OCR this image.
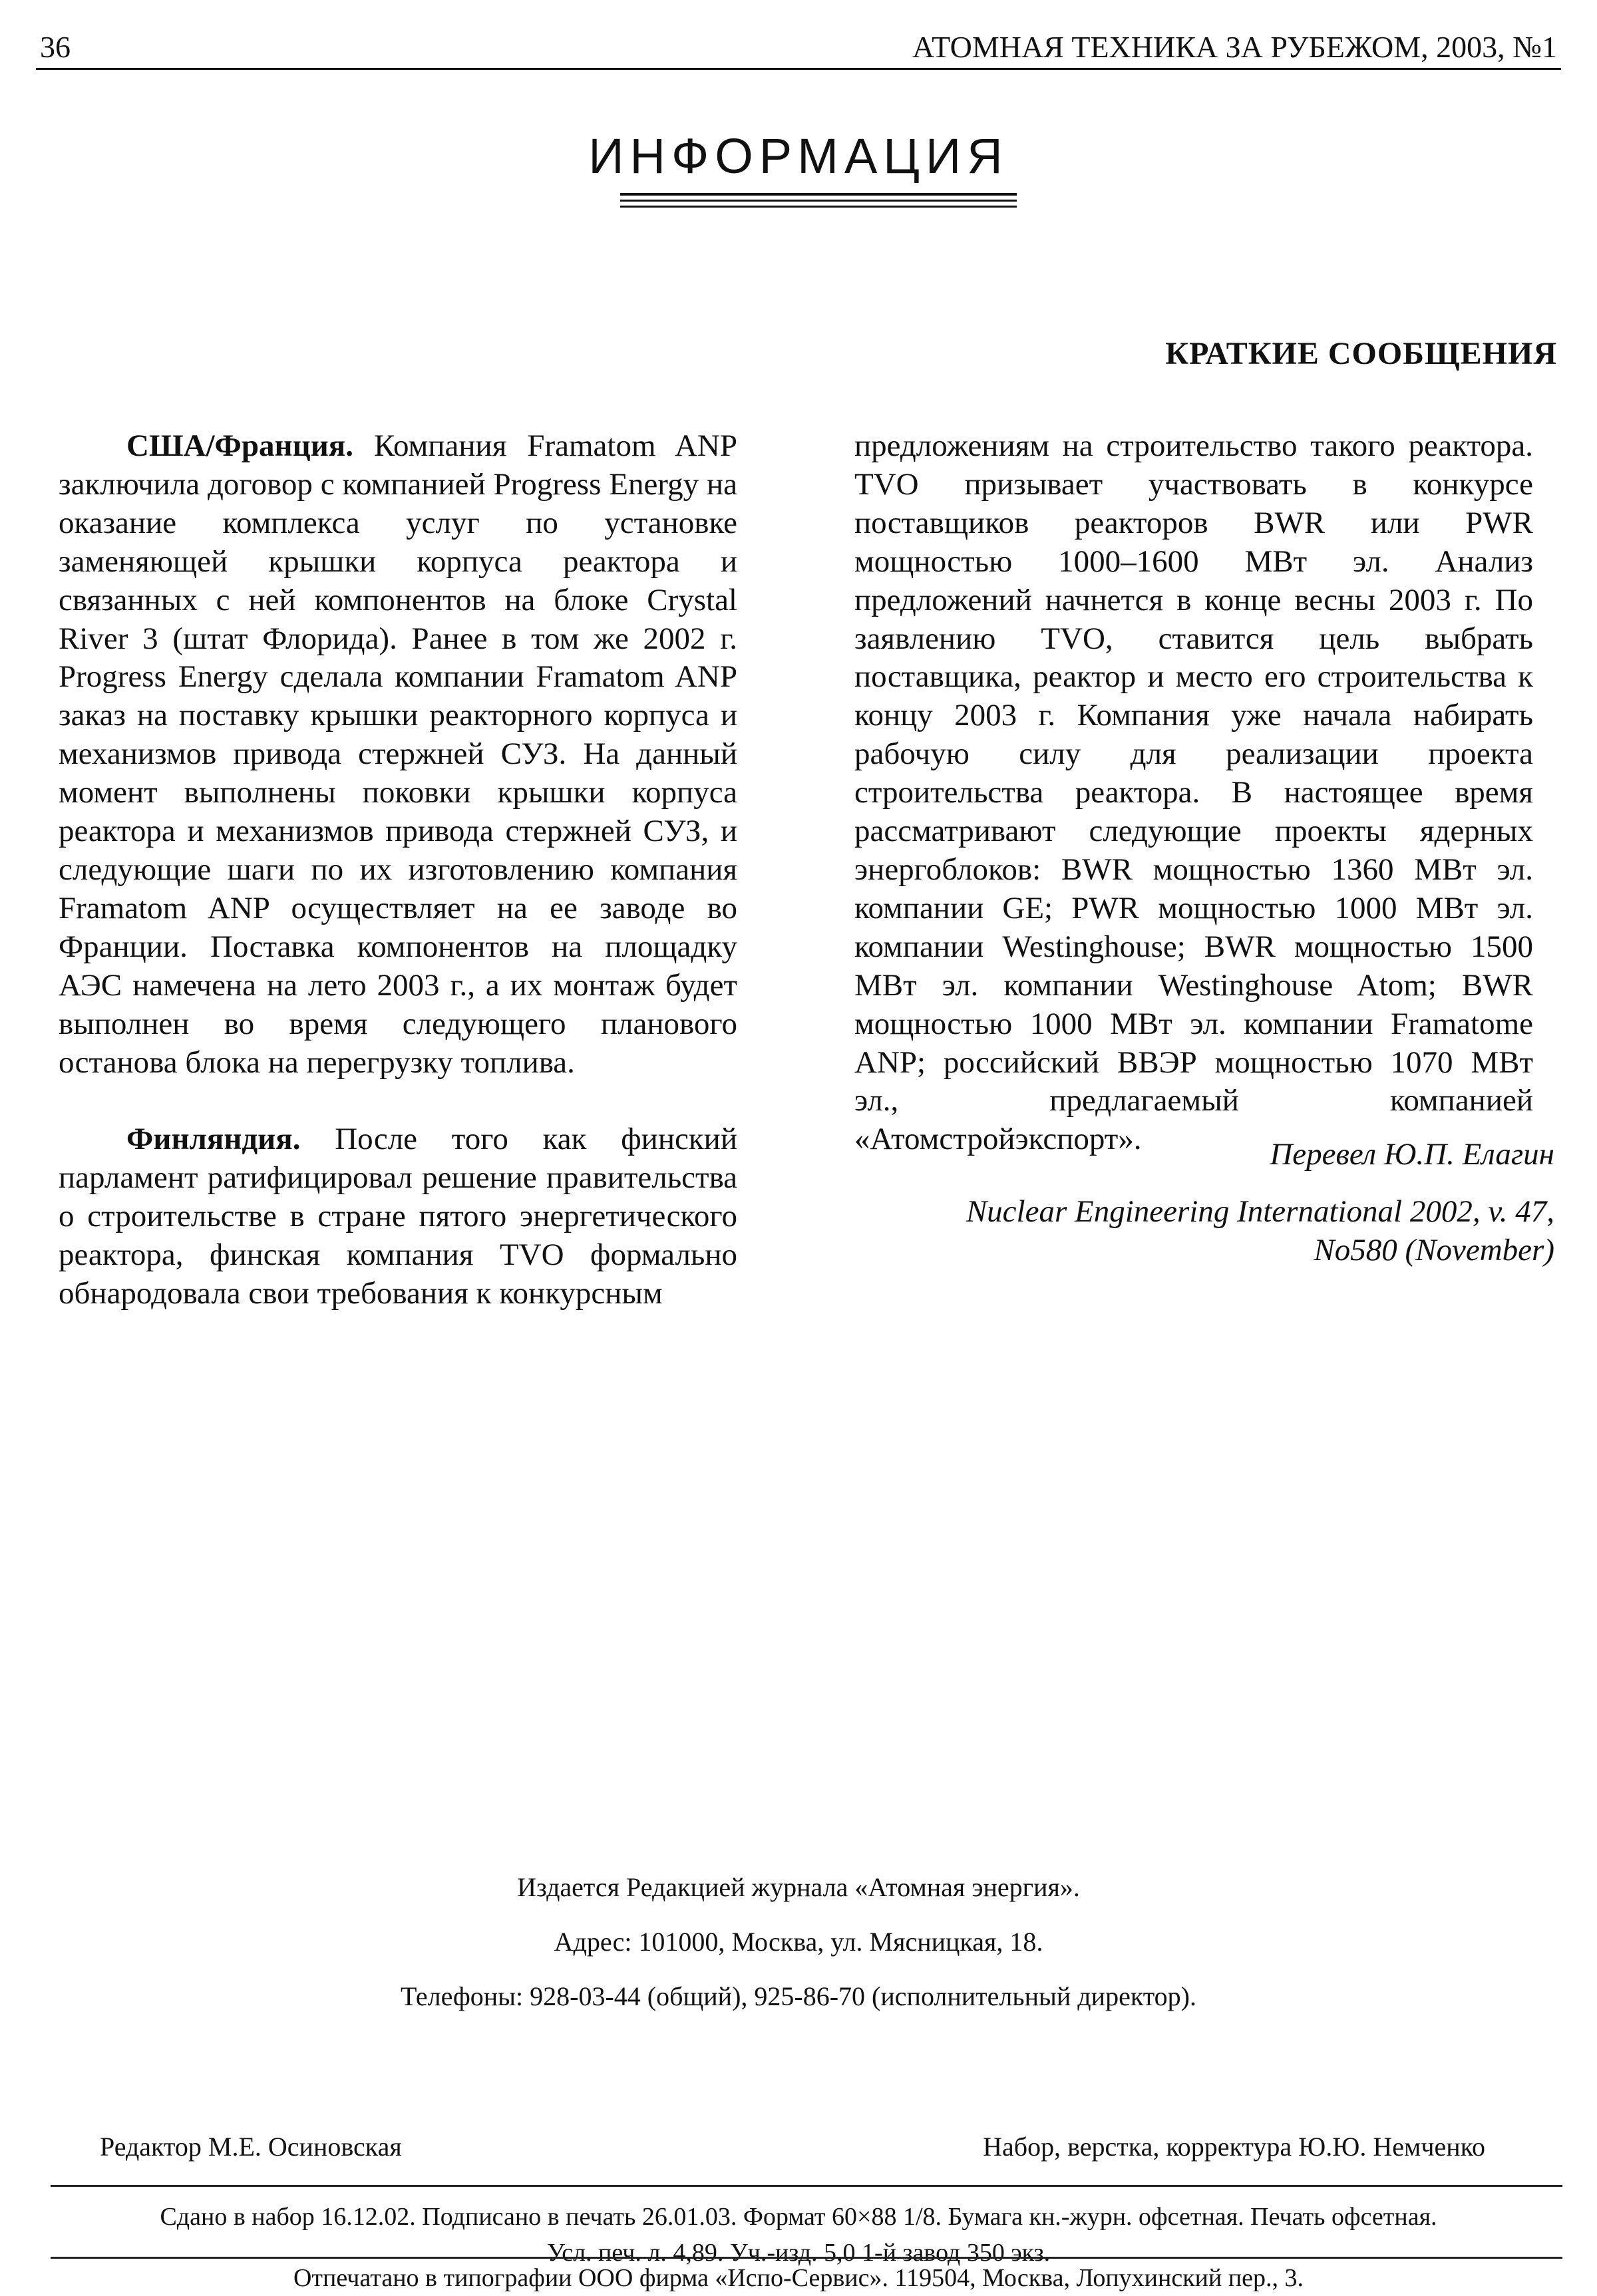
36	АТОМНАЯ ТЕХНИКА ЗА РУБЕЖОМ, 2003, №1
ИНФОРМАЦИЯ
КРАТКИЕ СООБЩЕНИЯ

США/Франция. Компания Framatom ANP заключила договор с компанией Progress Energy на оказание комплекса услуг по установке заменяющей крышки корпуса реактора и связанных с ней компонентов на блоке Crystal River 3 (штат Флорида). Ранее в том же 2002 г. Progress Energy сделала компании Framatom ANP заказ на поставку крышки реакторного корпуса и механизмов привода стержней СУЗ. На данный момент выполнены поковки крышки корпуса реактора и механизмов привода стержней СУЗ, и следующие шаги по их изготовлению компания Framatom ANP осуществляет на ее заводе во Франции. Поставка компонентов на площадку АЭС намечена на лето 2003 г., а их монтаж будет выполнен во время следующего планового останова блока на перегрузку топлива.

Финляндия. После того как финский парламент ратифицировал решение правительства о строительстве в стране пятого энергетического реактора, финская компания TVO формально обнародовала свои требования к конкурсным

предложениям на строительство такого реактора. TVO призывает участвовать в конкурсе поставщиков реакторов BWR или PWR мощностью 1000–1600 МВт эл. Анализ предложений начнется в конце весны 2003 г. По заявлению TVO, ставится цель выбрать поставщика, реактор и место его строительства к концу 2003 г. Компания уже начала набирать рабочую силу для реализации проекта строительства реактора. В настоящее время рассматривают следующие проекты ядерных энергоблоков: BWR мощностью 1360 МВт эл. компании GE; PWR мощностью 1000 МВт эл. компании Westinghouse; BWR мощностью 1500 МВт эл. компании Westinghouse Atom; BWR мощностью 1000 МВт эл. компании Framatome ANP; российский ВВЭР мощностью 1070 МВт эл., предлагаемый компанией «Атомстройэкспорт».	Перевел Ю.П. Елагин
Nuclear Engineering International 2002, v. 47,
No580 (November)
Издается Редакцией журнала «Атомная энергия».
Адрес: 101000, Москва, ул. Мясницкая, 18.
Телефоны: 928-03-44 (общий), 925-86-70 (исполнительный директор).
Редактор М.Е. Осиновская	Набор, верстка, корректура Ю.Ю. Немченко
Сдано в набор 16.12.02. Подписано в печать 26.01.03. Формат 60×88 1/8. Бумага кн.-журн. офсетная. Печать офсетная.
Усл. печ. л. 4,89. Уч.-изд. 5,0 1-й завод 350 экз.
Отпечатано в типографии ООО фирма «Испо-Сервис». 119504, Москва, Лопухинский пер., 3.
